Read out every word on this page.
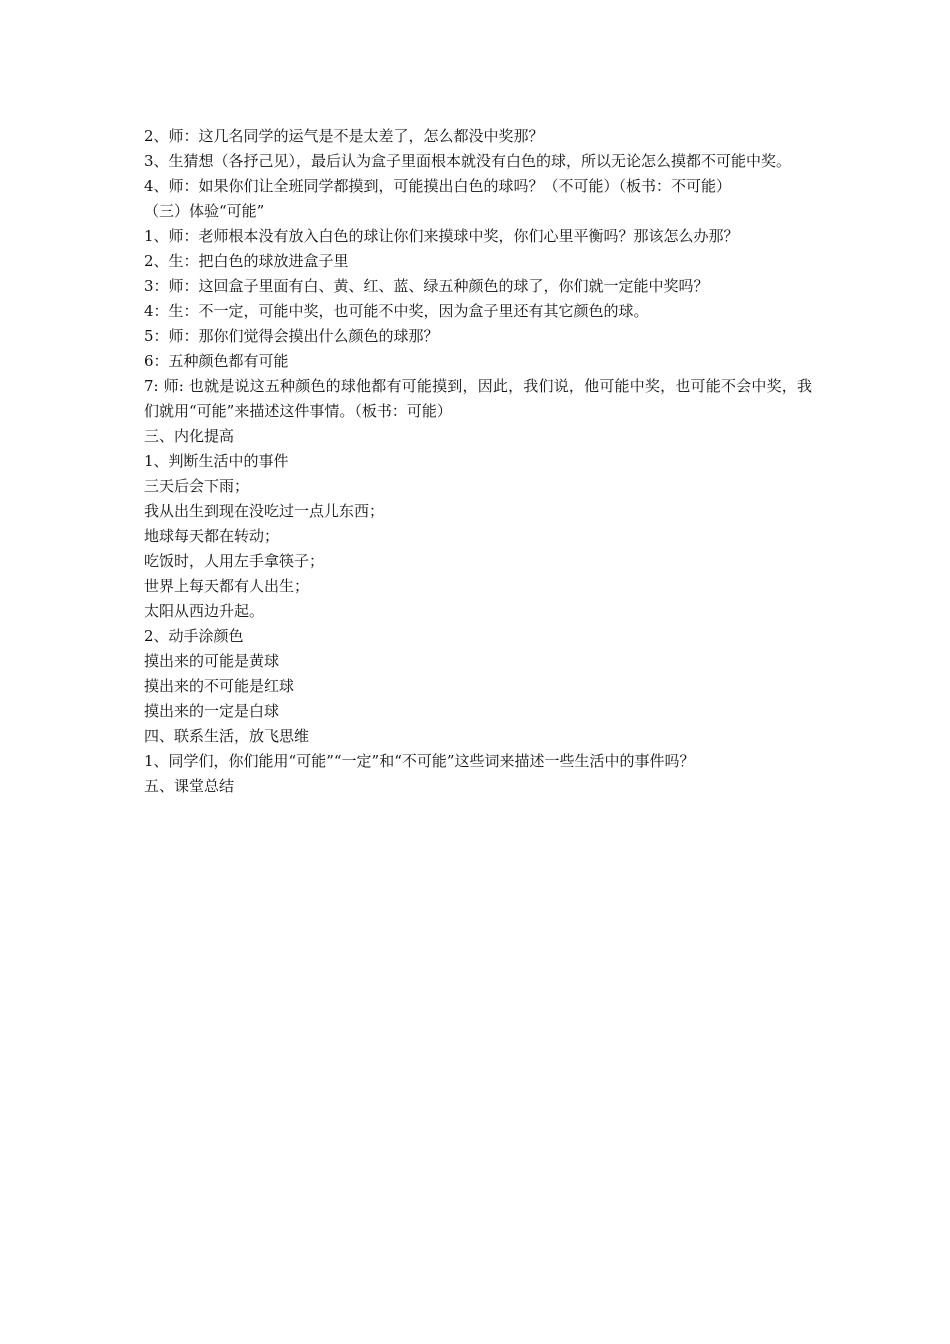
2、师：这几名同学的运气是不是太差了，怎么都没中奖那？

3、生猜想（各抒己见），最后认为盒子里面根本就没有白色的球，所以无论怎么摸都不可能中奖。

4、师：如果你们让全班同学都摸到，可能摸出白色的球吗？（不可能）（板书：不可能）

（三）体验“可能”

1、师：老师根本没有放入白色的球让你们来摸球中奖，你们心里平衡吗？那该怎么办那？

2、生：把白色的球放进盒子里

3：师：这回盒子里面有白、黄、红、蓝、绿五种颜色的球了，你们就一定能中奖吗？

4：生：不一定，可能中奖，也可能不中奖，因为盒子里还有其它颜色的球。

5：师：那你们觉得会摸出什么颜色的球那？

6：五种颜色都有可能

7: 师: 也就是说这五种颜色的球他都有可能摸到，因此，我们说，他可能中奖，也可能不会中奖，我们就用“可能”来描述这件事情。（板书：可能）

三、内化提高

1、判断生活中的事件

三天后会下雨；

我从出生到现在没吃过一点儿东西；

地球每天都在转动；

吃饭时，人用左手拿筷子；

世界上每天都有人出生；

太阳从西边升起。

2、动手涂颜色

摸出来的可能是黄球

摸出来的不可能是红球

摸出来的一定是白球

四、联系生活，放飞思维

1、同学们，你们能用“可能”“一定”和“不可能”这些词来描述一些生活中的事件吗？

五、课堂总结
